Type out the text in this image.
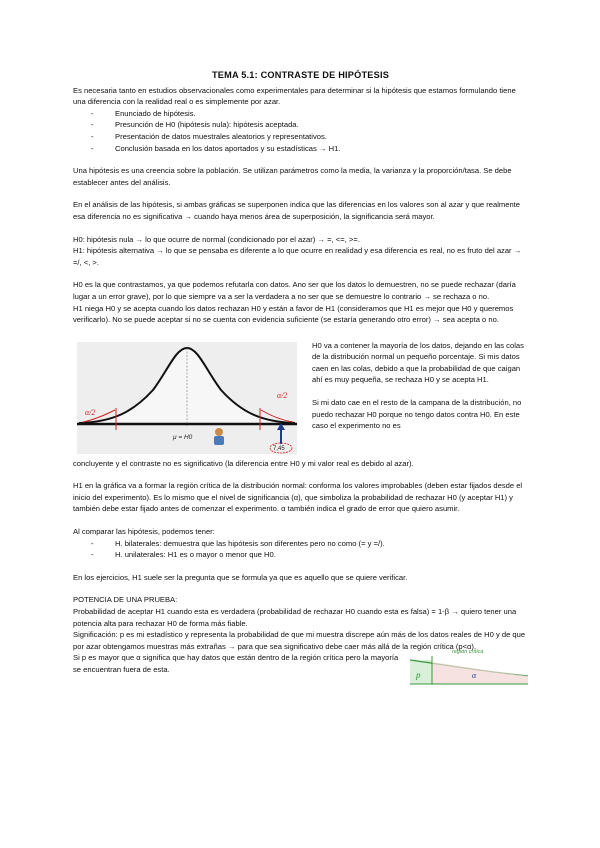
TEMA 5.1: CONTRASTE DE HIPÓTESIS

Es necesaria tanto en estudios observacionales como experimentales para determinar si la hipótesis que estamos formulando tiene una diferencia con la realidad real o es simplemente por azar.

- Enunciado de hipótesis.
- Presunción de H0 (hipótesis nula): hipótesis aceptada.
- Presentación de datos muestrales aleatorios y representativos.
- Conclusión basada en los datos aportados y su estadísticas → H1.

Una hipótesis es una creencia sobre la población. Se utilizan parámetros como la media, la varianza y la proporción/tasa. Se debe establecer antes del análisis.

En el análisis de las hipótesis, si ambas gráficas se superponen indica que las diferencias en los valores son al azar y que realmente esa diferencia no es significativa → cuando haya menos área de superposición, la significancia será mayor.

H0: hipótesis nula → lo que ocurre de normal (condicionado por el azar) → =, <=, >=.

H1: hipótesis alternativa → lo que se pensaba es diferente a lo que ocurre en realidad y esa diferencia es real, no es fruto del azar → =/, <, >.

H0 es la que contrastamos, ya que podemos refutarla con datos. Ano ser que los datos lo demuestren, no se puede rechazar (daría lugar a un error grave), por lo que siempre va a ser la verdadera a no ser que se demuestre lo contrario → se rechaza o no.

H1 niega H0 y se acepta cuando los datos rechazan H0 y están a favor de H1 (consideramos que H1 es mejor que H0 y queremos verificarlo). No se puede aceptar si no se cuenta con evidencia suficiente (se estaría generando otro error) → sea acepta o no.

α/2
α/2
μ = H0
7,45

H0 va a contener la mayoría de los datos, dejando en las colas de la distribución normal un pequeño porcentaje. Si mis datos caen en las colas, debido a que la probabilidad de que caigan ahí es muy pequeña, se rechaza H0 y se acepta H1.

Si mi dato cae en el resto de la campana de la distribución, no puedo rechazar H0 porque no tengo datos contra H0. En este caso el experimento no es

concluyente y el contraste no es significativo (la diferencia entre H0 y mi valor real es debido al azar).

H1 en la gráfica va a formar la región crítica de la distribución normal: conforma los valores improbables (deben estar fijados desde el inicio del experimento). Es lo mismo que el nivel de significancia (α), que simboliza la probabilidad de rechazar H0 (y aceptar H1) y también debe estar fijado antes de comenzar el experimento. α también indica el grado de error que quiero asumir.

Al comparar las hipótesis, podemos tener:

- H. bilaterales: demuestra que las hipótesis son diferentes pero no como (= y =/).
- H. unilaterales: H1 es o mayor o menor que H0.

En los ejercicios, H1 suele ser la pregunta que se formula ya que es aquello que se quiere verificar.

POTENCIA DE UNA PRUEBA:

Probabilidad de aceptar H1 cuando esta es verdadera (probabilidad de rechazar H0 cuando esta es falsa) = 1-β → quiero tener una potencia alta para rechazar H0 de forma más fiable.

Significación: p es mi estadístico y representa la probabilidad de que mi muestra discrepe aún más de los datos reales de H0 y de que por azar obtengamos muestras más extrañas → para que sea significativo debe caer más allá de la región crítica (p<α).

Si p es mayor que α significa que hay datos que están dentro de la región crítica pero la mayoría se encuentran fuera de esta.

p	α
región crítica
